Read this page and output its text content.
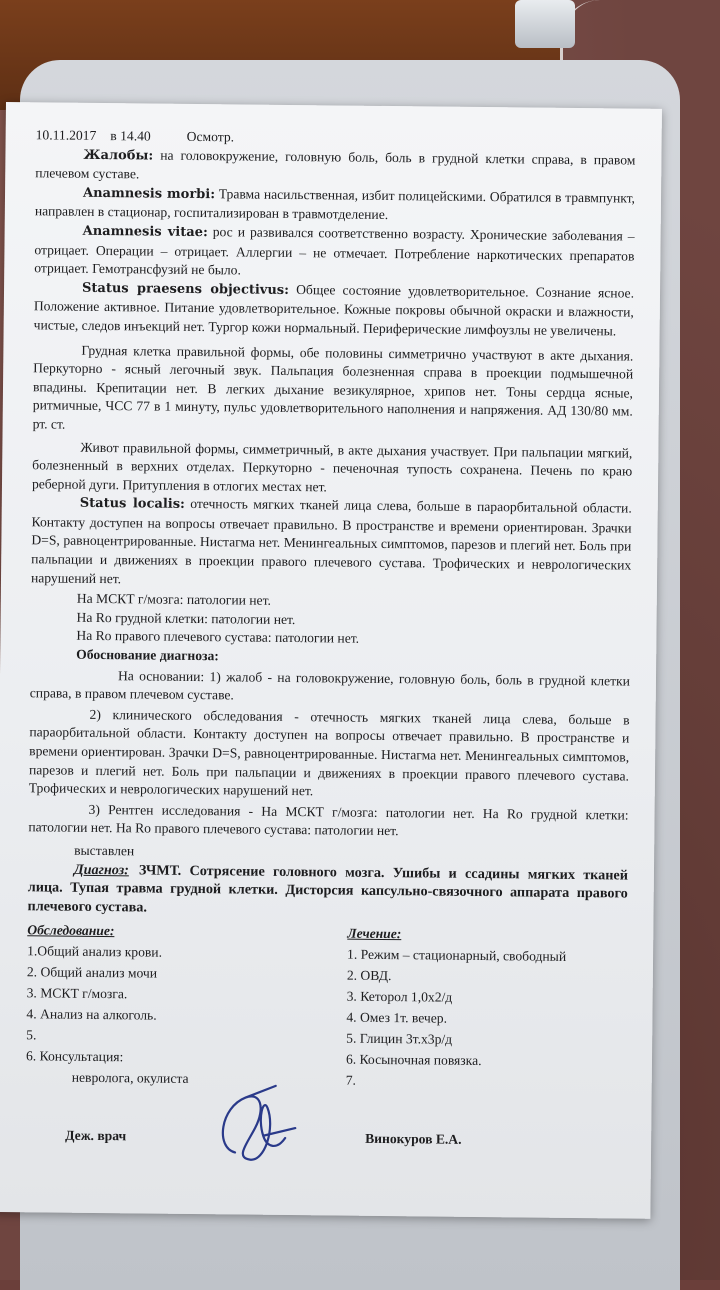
10.11.2017 в 14.40	Осмотр.

Жалобы: на головокружение, головную боль, боль в грудной клетки справа, в правом плечевом суставе.

Anamnesis morbi: Травма насильственная, избит полицейскими. Обратился в травмпункт, направлен в стационар, госпитализирован в травмотделение.

Anamnesis vitae: рос и развивался соответственно возрасту. Хронические заболевания – отрицает. Операции – отрицает. Аллергии – не отмечает. Потребление наркотических препаратов отрицает. Гемотрансфузий не было.

Status praesens objectivus: Общее состояние удовлетворительное. Сознание ясное. Положение активное. Питание удовлетворительное. Кожные покровы обычной окраски и влажности, чистые, следов инъекций нет. Тургор кожи нормальный. Периферические лимфоузлы не увеличены.

Грудная клетка правильной формы, обе половины симметрично участвуют в акте дыхания. Перкуторно - ясный легочный звук. Пальпация болезненная справа в проекции подмышечной впадины. Крепитации нет. В легких дыхание везикулярное, хрипов нет. Тоны сердца ясные, ритмичные, ЧСС 77 в 1 минуту, пульс удовлетворительного наполнения и напряжения. АД 130/80 мм. рт. ст.

Живот правильной формы, симметричный, в акте дыхания участвует. При пальпации мягкий, болезненный в верхних отделах. Перкуторно - печеночная тупость сохранена. Печень по краю реберной дуги. Притупления в отлогих местах нет.

Status localis: отечность мягких тканей лица слева, больше в параорбитальной области. Контакту доступен на вопросы отвечает правильно. В пространстве и времени ориентирован. Зрачки D=S, равноцентрированные. Нистагма нет. Менингеальных симптомов, парезов и плегий нет. Боль при пальпации и движениях в проекции правого плечевого сустава. Трофических и неврологических нарушений нет.

На МСКТ г/мозга: патологии нет.
На Ro грудной клетки: патологии нет.
На Ro правого плечевого сустава: патологии нет.

Обоснование диагноза:

На основании: 1) жалоб - на головокружение, головную боль, боль в грудной клетки справа, в правом плечевом суставе.

2) клинического обследования - отечность мягких тканей лица слева, больше в параорбитальной области. Контакту доступен на вопросы отвечает правильно. В пространстве и времени ориентирован. Зрачки D=S, равноцентрированные. Нистагма нет. Менингеальных симптомов, парезов и плегий нет. Боль при пальпации и движениях в проекции правого плечевого сустава. Трофических и неврологических нарушений нет.

3) Рентген исследования - На МСКТ г/мозга: патологии нет. На Ro грудной клетки: патологии нет. На Ro правого плечевого сустава: патологии нет.

выставлен

Диагноз: ЗЧМТ. Сотрясение головного мозга. Ушибы и ссадины мягких тканей лица. Тупая травма грудной клетки. Дисторсия капсульно-связочного аппарата правого плечевого сустава.

Обследование:
1.Общий анализ крови.
2. Общий анализ мочи
3. МСКТ г/мозга.
4. Анализ на алкоголь.
5.
6. Консультация:
невролога, окулиста
Лечение:
1. Режим – стационарный, свободный
2. ОВД.
3. Кеторол 1,0х2/д
4. Омез 1т. вечер.
5. Глицин 3т.х3р/д
6. Косыночная повязка.
7.
Деж. врач	Винокуров Е.А.
